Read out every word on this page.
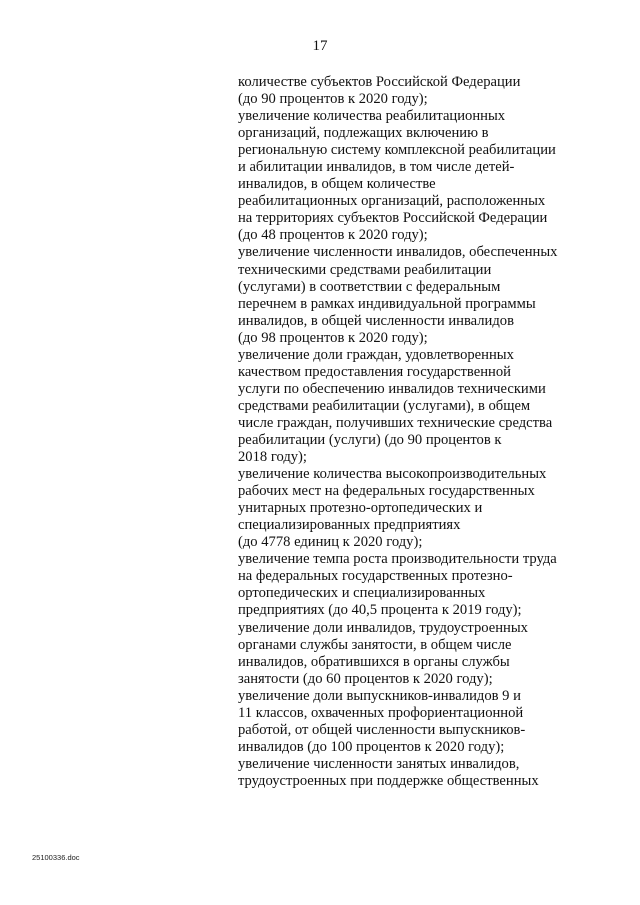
17
количестве субъектов Российской Федерации
(до 90 процентов к 2020 году);
увеличение количества реабилитационных
организаций, подлежащих включению в
региональную систему комплексной реабилитации
и абилитации инвалидов, в том числе детей-
инвалидов, в общем количестве
реабилитационных организаций, расположенных
на территориях субъектов Российской Федерации
(до 48 процентов к 2020 году);
увеличение численности инвалидов, обеспеченных
техническими средствами реабилитации
(услугами) в соответствии с федеральным
перечнем в рамках индивидуальной программы
инвалидов, в общей численности инвалидов
(до 98 процентов к 2020 году);
увеличение доли граждан, удовлетворенных
качеством предоставления государственной
услуги по обеспечению инвалидов техническими
средствами реабилитации (услугами), в общем
числе граждан, получивших технические средства
реабилитации (услуги) (до 90 процентов к
2018 году);
увеличение количества высокопроизводительных
рабочих мест на федеральных государственных
унитарных протезно-ортопедических и
специализированных предприятиях
(до 4778 единиц к 2020 году);
увеличение темпа роста производительности труда
на федеральных государственных протезно-
ортопедических и специализированных
предприятиях (до 40,5 процента к 2019 году);
увеличение доли инвалидов, трудоустроенных
органами службы занятости, в общем числе
инвалидов, обратившихся в органы службы
занятости (до 60 процентов к 2020 году);
увеличение доли выпускников-инвалидов 9 и
11 классов, охваченных профориентационной
работой, от общей численности выпускников-
инвалидов (до 100 процентов к 2020 году);
увеличение численности занятых инвалидов,
трудоустроенных при поддержке общественных
25100336.doc
